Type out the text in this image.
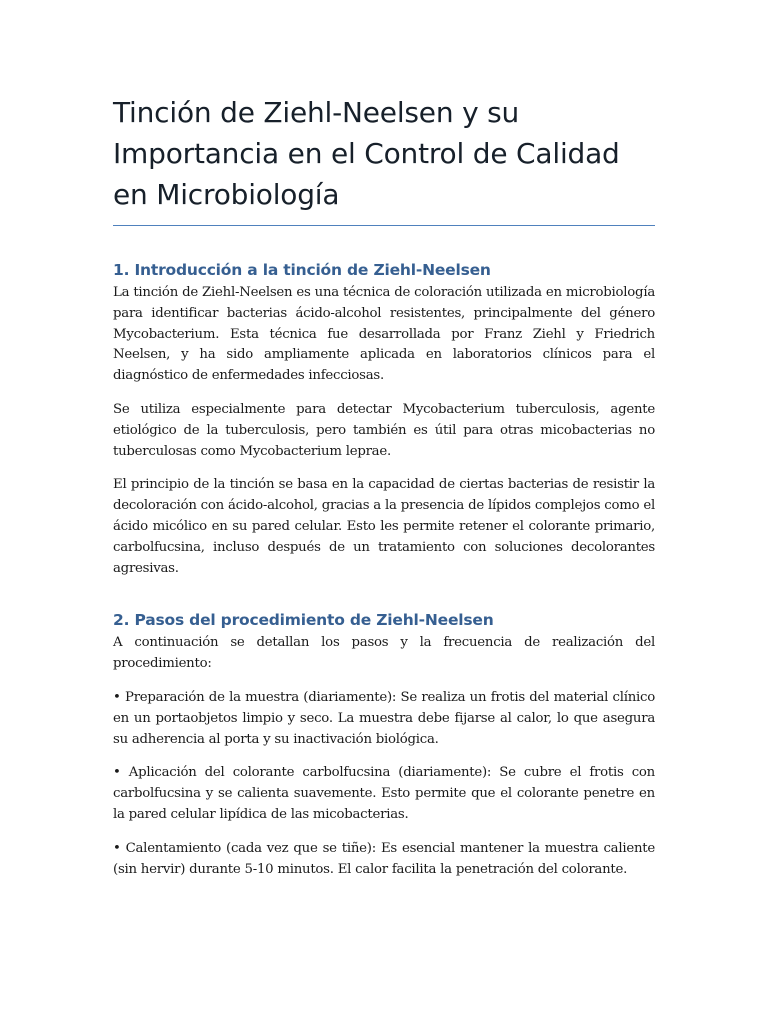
Tinción de Ziehl-Neelsen y su Importancia en el Control de Calidad en Microbiología
1. Introducción a la tinción de Ziehl-Neelsen

La tinción de Ziehl-Neelsen es una técnica de coloración utilizada en microbiología para identificar bacterias ácido-alcohol resistentes, principalmente del género Mycobacterium. Esta técnica fue desarrollada por Franz Ziehl y Friedrich Neelsen, y ha sido ampliamente aplicada en laboratorios clínicos para el diagnóstico de enfermedades infecciosas.

Se utiliza especialmente para detectar Mycobacterium tuberculosis, agente etiológico de la tuberculosis, pero también es útil para otras micobacterias no tuberculosas como Mycobacterium leprae.

El principio de la tinción se basa en la capacidad de ciertas bacterias de resistir la decoloración con ácido-alcohol, gracias a la presencia de lípidos complejos como el ácido micólico en su pared celular. Esto les permite retener el colorante primario, carbolfucsina, incluso después de un tratamiento con soluciones decolorantes agresivas.

2. Pasos del procedimiento de Ziehl-Neelsen

A continuación se detallan los pasos y la frecuencia de realización del procedimiento:

• Preparación de la muestra (diariamente): Se realiza un frotis del material clínico en un portaobjetos limpio y seco. La muestra debe fijarse al calor, lo que asegura su adherencia al porta y su inactivación biológica.

• Aplicación del colorante carbolfucsina (diariamente): Se cubre el frotis con carbolfucsina y se calienta suavemente. Esto permite que el colorante penetre en la pared celular lipídica de las micobacterias.

• Calentamiento (cada vez que se tiñe): Es esencial mantener la muestra caliente (sin hervir) durante 5-10 minutos. El calor facilita la penetración del colorante.
